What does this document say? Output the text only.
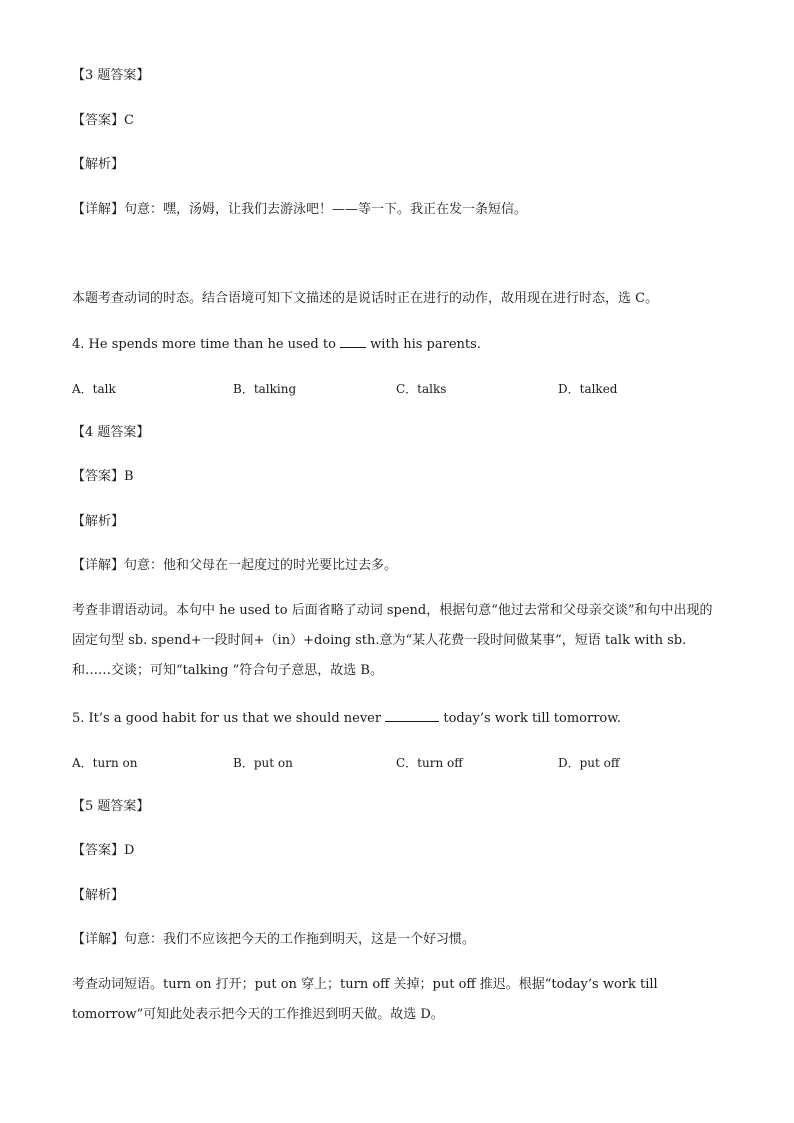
【3 题答案】
【答案】C
【解析】
【详解】句意：嘿，汤姆，让我们去游泳吧！——等一下。我正在发一条短信。
本题考查动词的时态。结合语境可知下文描述的是说话时正在进行的动作，故用现在进行时态，选 C。
4. He spends more time than he used to  with his parents.
A．talk	B．talking	C．talks	D．talked
【4 题答案】
【答案】B
【解析】
【详解】句意：他和父母在一起度过的时光要比过去多。
考查非谓语动词。本句中 he used to 后面省略了动词 spend，根据句意“他过去常和父母亲交谈”和句中出现的固定句型 sb. spend+一段时间+（in）+doing sth.意为“某人花费一段时间做某事”，短语 talk with sb. 和……交谈；可知“talking ”符合句子意思，故选 B。
5. It’s a good habit for us that we should never	today’s work till tomorrow.
A．turn on	B．put on	C．turn off	D．put off
【5 题答案】
【答案】D
【解析】
【详解】句意：我们不应该把今天的工作拖到明天，这是一个好习惯。
考查动词短语。turn on 打开；put on 穿上；turn off 关掉；put off 推迟。根据“today’s work till tomorrow”可知此处表示把今天的工作推迟到明天做。故选 D。
